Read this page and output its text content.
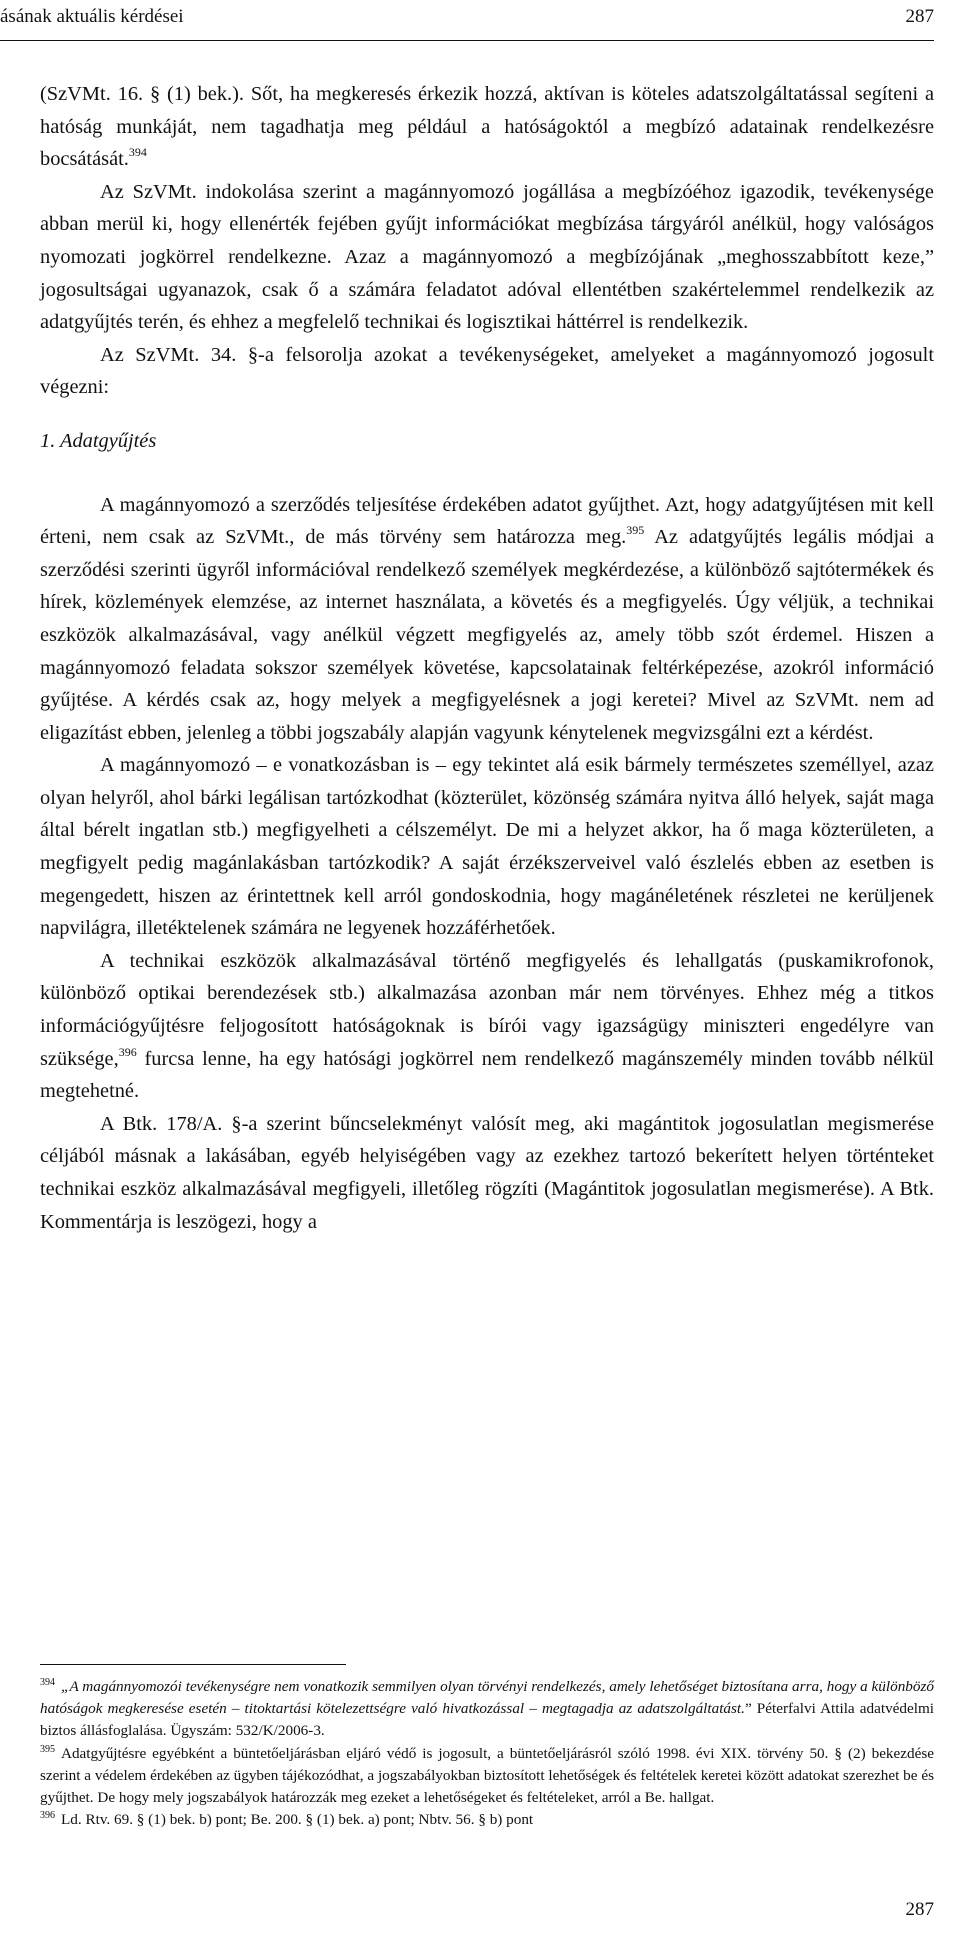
ásának aktuális kérdései	287

(SzVMt. 16. § (1) bek.). Sőt, ha megkeresés érkezik hozzá, aktívan is köteles adatszolgáltatással segíteni a hatóság munkáját, nem tagadhatja meg például a hatóságoktól a megbízó adatainak rendelkezésre bocsátását.$^{394}$

Az SzVMt. indokolása szerint a magánnyomozó jogállása a megbízóéhoz igazodik, tevékenysége abban merül ki, hogy ellenérték fejében gyűjt információkat megbízása tárgyáról anélkül, hogy valóságos nyomozati jogkörrel rendelkezne. Azaz a magánnyomozó a megbízójának „meghosszabbított keze,” jogosultságai ugyanazok, csak ő a számára feladatot adóval ellentétben szakértelemmel rendelkezik az adatgyűjtés terén, és ehhez a megfelelő technikai és logisztikai háttérrel is rendelkezik.

Az SzVMt. 34. §-a felsorolja azokat a tevékenységeket, amelyeket a magánnyomozó jogosult végezni:

1. Adatgyűjtés

A magánnyomozó a szerződés teljesítése érdekében adatot gyűjthet. Azt, hogy adatgyűjtésen mit kell érteni, nem csak az SzVMt., de más törvény sem határozza meg.$^{395}$ Az adatgyűjtés legális módjai a szerződési szerinti ügyről információval rendelkező személyek megkérdezése, a különböző sajtótermékek és hírek, közlemények elemzése, az internet használata, a követés és a megfigyelés. Úgy véljük, a technikai eszközök alkalmazásával, vagy anélkül végzett megfigyelés az, amely több szót érdemel. Hiszen a magánnyomozó feladata sokszor személyek követése, kapcsolatainak feltérképezése, azokról információ gyűjtése. A kérdés csak az, hogy melyek a megfigyelésnek a jogi keretei? Mivel az SzVMt. nem ad eligazítást ebben, jelenleg a többi jogszabály alapján vagyunk kénytelenek megvizsgálni ezt a kérdést.

A magánnyomozó – e vonatkozásban is – egy tekintet alá esik bármely természetes személlyel, azaz olyan helyről, ahol bárki legálisan tartózkodhat (közterület, közönség számára nyitva álló helyek, saját maga által bérelt ingatlan stb.) megfigyelheti a célszemélyt. De mi a helyzet akkor, ha ő maga közterületen, a megfigyelt pedig magánlakásban tartózkodik? A saját érzékszerveivel való észlelés ebben az esetben is megengedett, hiszen az érintettnek kell arról gondoskodnia, hogy magánéletének részletei ne kerüljenek napvilágra, illetéktelenek számára ne legyenek hozzáférhetőek.

A technikai eszközök alkalmazásával történő megfigyelés és lehallgatás (puskamikrofonok, különböző optikai berendezések stb.) alkalmazása azonban már nem törvényes. Ehhez még a titkos információgyűjtésre feljogosított hatóságoknak is bírói vagy igazságügy miniszteri engedélyre van szüksége,$^{396}$ furcsa lenne, ha egy hatósági jogkörrel nem rendelkező magánszemély minden tovább nélkül megtehetné.

A Btk. 178/A. §-a szerint bűncselekményt valósít meg, aki magántitok jogosulatlan megismerése céljából másnak a lakásában, egyéb helyiségében vagy az ezekhez tartozó bekerített helyen történteket technikai eszköz alkalmazásával megfigyeli, illetőleg rögzíti (Magántitok jogosulatlan megismerése). A Btk. Kommentárja is leszögezi, hogy a

$^{394}$ „A magánnyomozói tevékenységre nem vonatkozik semmilyen olyan törvényi rendelkezés, amely lehetőséget biztosítana arra, hogy a különböző hatóságok megkeresése esetén – titoktartási kötelezettségre való hivatkozással – megtagadja az adatszolgáltatást.” Péterfalvi Attila adatvédelmi biztos állásfoglalása. Ügyszám: 532/K/2006-3.

$^{395}$ Adatgyűjtésre egyébként a büntetőeljárásban eljáró védő is jogosult, a büntetőeljárásról szóló 1998. évi XIX. törvény 50. § (2) bekezdése szerint a védelem érdekében az ügyben tájékozódhat, a jogszabályokban biztosított lehetőségek és feltételek keretei között adatokat szerezhet be és gyűjthet. De hogy mely jogszabályok határozzák meg ezeket a lehetőségeket és feltételeket, arról a Be. hallgat.

$^{396}$ Ld. Rtv. 69. § (1) bek. b) pont; Be. 200. § (1) bek. a) pont; Nbtv. 56. § b) pont

287
